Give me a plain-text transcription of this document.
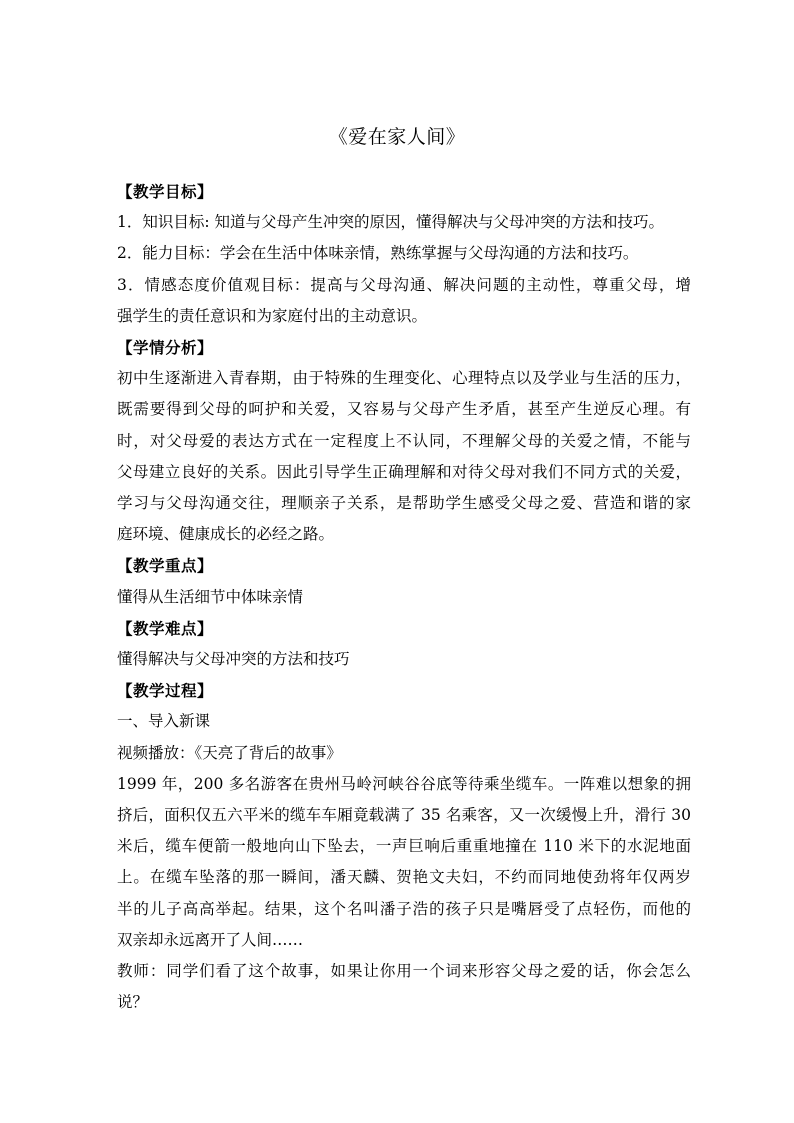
《爱在家人间》
【教学目标】
1．知识目标: 知道与父母产生冲突的原因，懂得解决与父母冲突的方法和技巧。
2．能力目标：学会在生活中体味亲情，熟练掌握与父母沟通的方法和技巧。
3．情感态度价值观目标：提高与父母沟通、解决问题的主动性，尊重父母，增
强学生的责任意识和为家庭付出的主动意识。
【学情分析】
初中生逐渐进入青春期，由于特殊的生理变化、心理特点以及学业与生活的压力，
既需要得到父母的呵护和关爱，又容易与父母产生矛盾，甚至产生逆反心理。有
时，对父母爱的表达方式在一定程度上不认同，不理解父母的关爱之情，不能与
父母建立良好的关系。因此引导学生正确理解和对待父母对我们不同方式的关爱，
学习与父母沟通交往，理顺亲子关系，是帮助学生感受父母之爱、营造和谐的家
庭环境、健康成长的必经之路。
【教学重点】
懂得从生活细节中体味亲情
【教学难点】
懂得解决与父母冲突的方法和技巧
【教学过程】
一、导入新课
视频播放：《天亮了背后的故事》
1999 年，200 多名游客在贵州马岭河峡谷谷底等待乘坐缆车。一阵难以想象的拥
挤后，面积仅五六平米的缆车车厢竟载满了 35 名乘客，又一次缓慢上升，滑行 30
米后，缆车便箭一般地向山下坠去，一声巨响后重重地撞在 110 米下的水泥地面
上。在缆车坠落的那一瞬间，潘天麟、贺艳文夫妇，不约而同地使劲将年仅两岁
半的儿子高高举起。结果，这个名叫潘子浩的孩子只是嘴唇受了点轻伤，而他的
双亲却永远离开了人间……
教师：同学们看了这个故事，如果让你用一个词来形容父母之爱的话，你会怎么
说？
